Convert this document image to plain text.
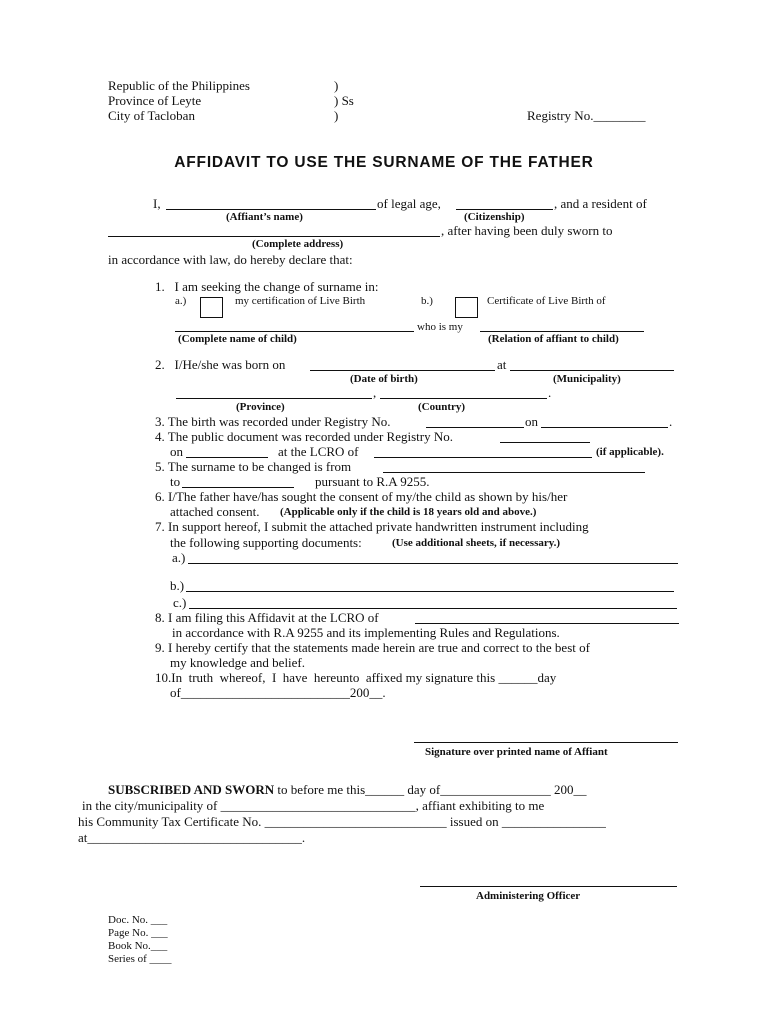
Republic of the Philippines
Province of Leyte
City of Tacloban
)
) Ss
)	Registry No.________
AFFIDAVIT TO USE THE SURNAME OF THE FATHER
I,	of legal age,	, and a resident of
(Affiant’s name)	(Citizenship)
, after having been duly sworn to
(Complete address)
in accordance with law, do hereby declare that:
1.   I am seeking the change of surname in:
a.)	my certification of Live Birth	b.)	Certificate of Live Birth of
who is my
(Complete name of child)	(Relation of affiant to child)
2.   I/He/she was born on	at
(Date of birth)	(Municipality)
,	.
(Province)	(Country)
3. The birth was recorded under Registry No.	on	.
4. The public document was recorded under Registry No.
on	at the LCRO of	(if applicable).
5. The surname to be changed is from
to	pursuant to R.A 9255.
6. I/The father have/has sought the consent of my/the child as shown by his/her
attached consent. (Applicable only if the child is 18 years old and above.)
7. In support hereof, I submit the attached private handwritten instrument including
the following supporting documents:	(Use additional sheets, if necessary.)
a.)
b.)
c.)
8. I am filing this Affidavit at the LCRO of
in accordance with R.A 9255 and its implementing Rules and Regulations.
9. I hereby certify that the statements made herein are true and correct to the best of
my knowledge and belief.
10.In  truth  whereof,  I  have  hereunto  affixed my signature this ______day
of__________________________200__.
Signature over printed name of Affiant
SUBSCRIBED AND SWORN to before me this______ day of_________________ 200__
in the city/municipality of ______________________________, affiant exhibiting to me
his Community Tax Certificate No. ____________________________ issued on ________________
at_________________________________.
Administering Officer
Doc. No. ___
Page No. ___
Book No.___
Series of ____
